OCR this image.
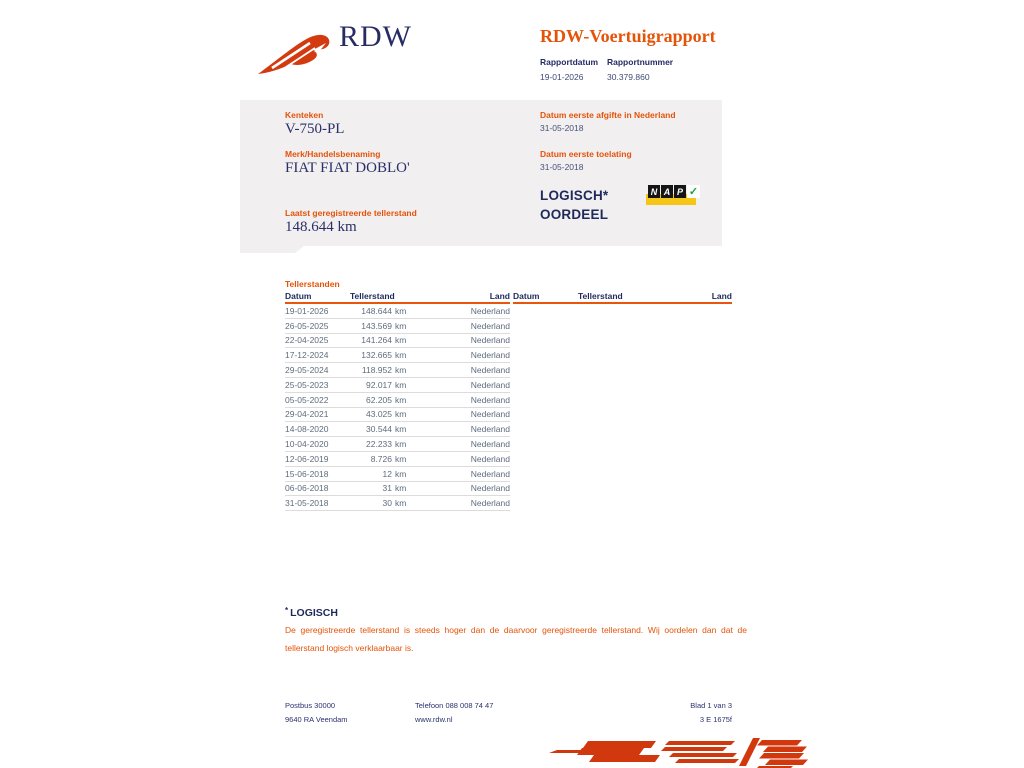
RDW	RDW-Voertuigrapport
Rapportdatum
19-01-2026
Rapportnummer
30.379.860
Kenteken
V-750-PL
Merk/Handelsbenaming
FIAT FIAT DOBLO'
Laatst geregistreerde tellerstand
148.644 km
Datum eerste afgifte in Nederland
31-05-2018
Datum eerste toelating
31-05-2018
LOGISCH*
OORDEEL
N A P ✓
Tellerstanden
Datum	Tellerstand	Land
19-01-2026	148.644 km	Nederland
26-05-2025	143.569 km	Nederland
22-04-2025	141.264 km	Nederland
17-12-2024	132.665 km	Nederland
29-05-2024	118.952 km	Nederland
25-05-2023	92.017 km	Nederland
05-05-2022	62.205 km	Nederland
29-04-2021	43.025 km	Nederland
14-08-2020	30.544 km	Nederland
10-04-2020	22.233 km	Nederland
12-06-2019	8.726 km	Nederland
15-06-2018	12 km	Nederland
06-06-2018	31 km	Nederland
31-05-2018	30 km	Nederland
Datum	Tellerstand	Land
* LOGISCH
De geregistreerde tellerstand is steeds hoger dan de daarvoor geregistreerde tellerstand. Wij oordelen dan dat de tellerstand logisch verklaarbaar is.
Postbus 30000
9640 RA Veendam
Telefoon 088 008 74 47
www.rdw.nl
Blad 1 van 3
3 E 1675f
